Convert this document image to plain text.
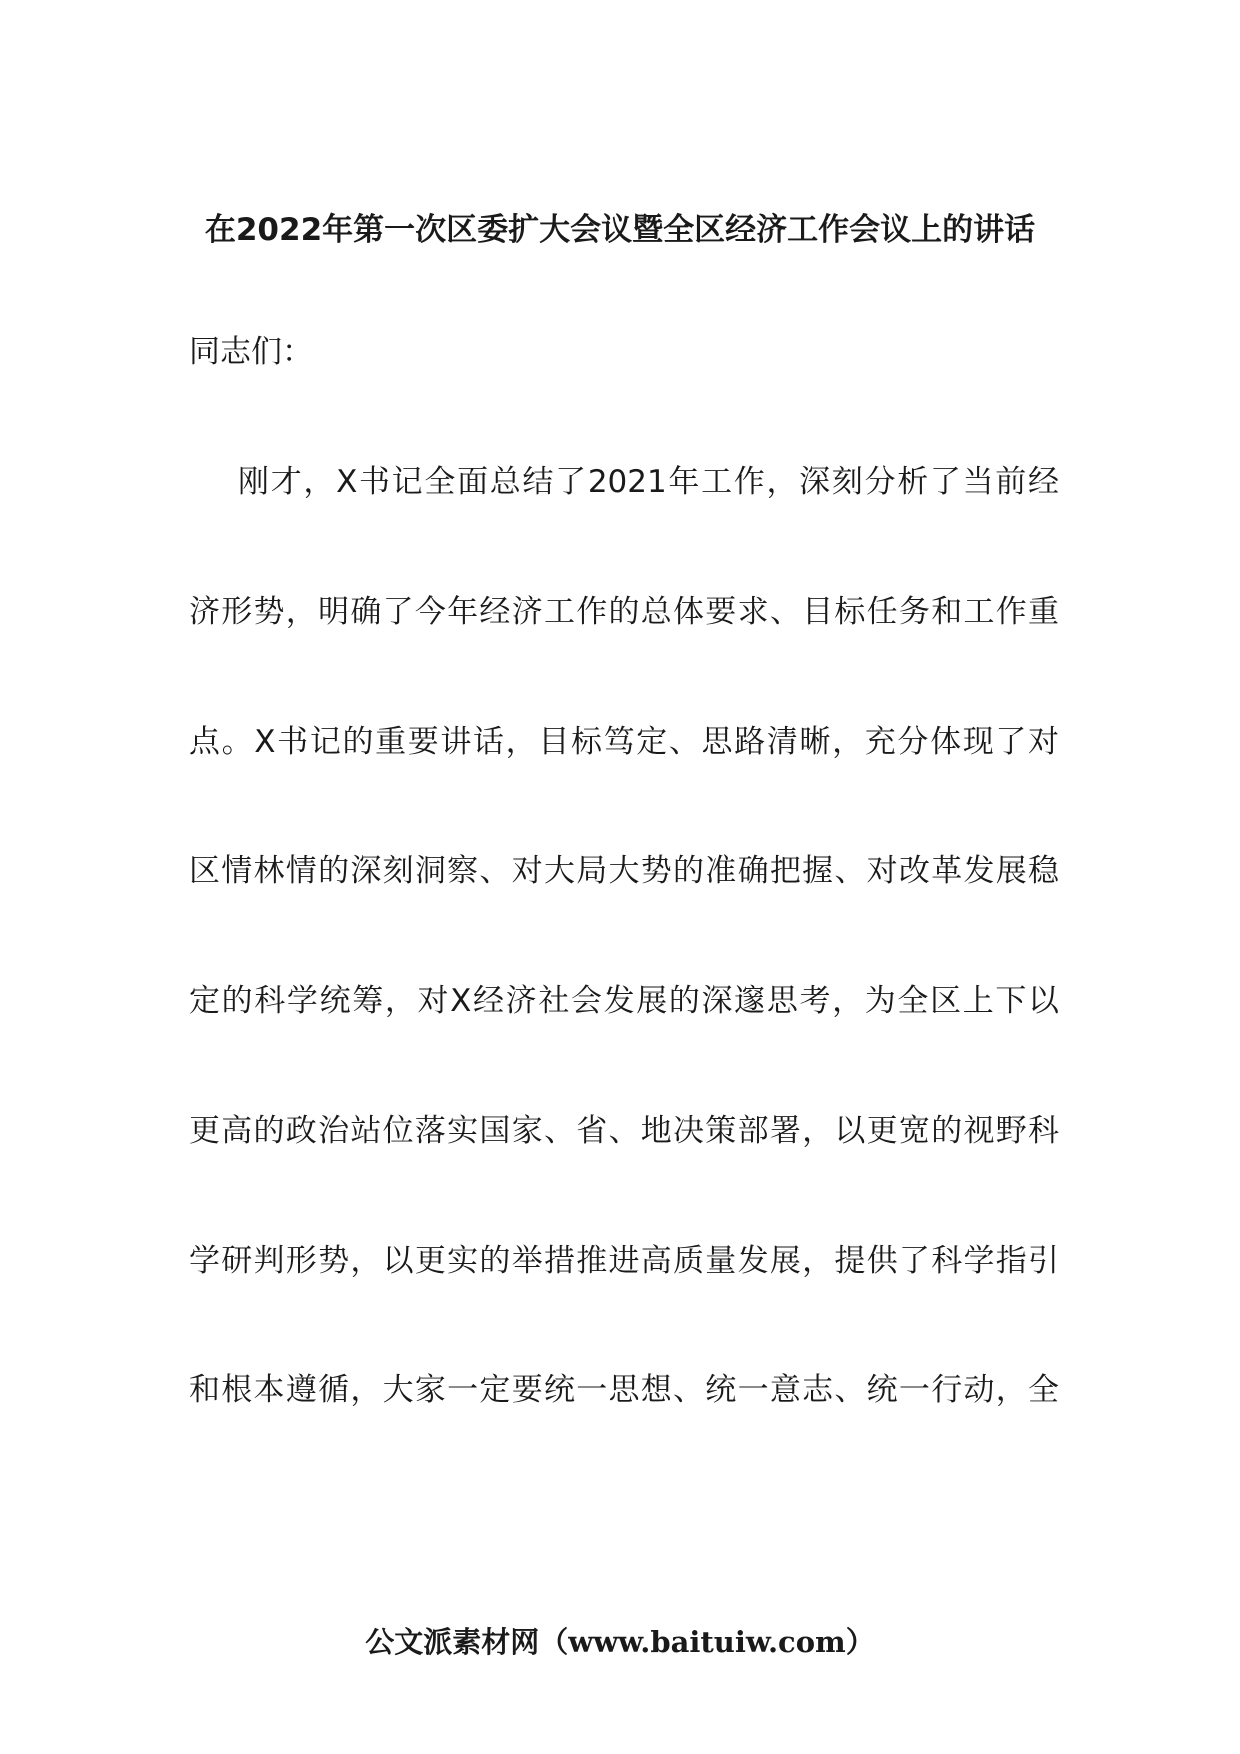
在2022年第一次区委扩大会议暨全区经济工作会议上的讲话
同志们：
刚才，X书记全面总结了2021年工作，深刻分析了当前经
济形势，明确了今年经济工作的总体要求、目标任务和工作重
点。X书记的重要讲话，目标笃定、思路清晰，充分体现了对
区情林情的深刻洞察、对大局大势的准确把握、对改革发展稳
定的科学统筹，对X经济社会发展的深邃思考，为全区上下以
更高的政治站位落实国家、省、地决策部署，以更宽的视野科
学研判形势，以更实的举措推进高质量发展，提供了科学指引
和根本遵循，大家一定要统一思想、统一意志、统一行动，全
公文派素材网（www.baituiw.com）
